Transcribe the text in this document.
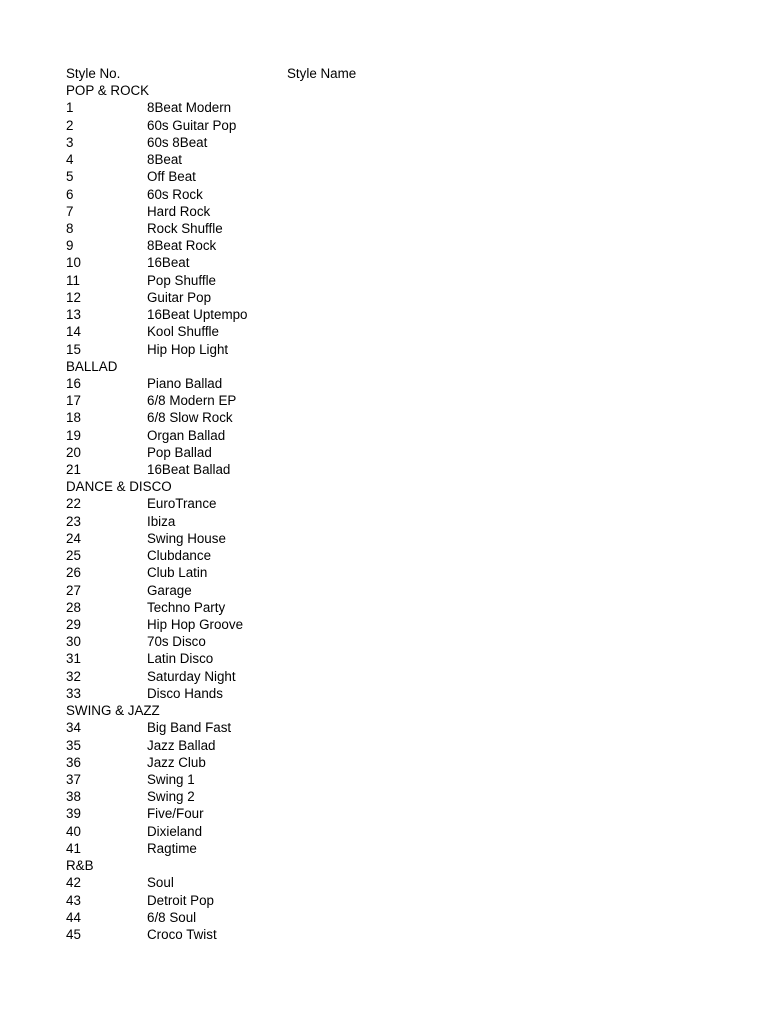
Style No.	Style Name
POP & ROCK
1	8Beat Modern
2	60s Guitar Pop
3	60s 8Beat
4	8Beat
5	Off Beat
6	60s Rock
7	Hard Rock
8	Rock Shuffle
9	8Beat Rock
10	16Beat
11	Pop Shuffle
12	Guitar Pop
13	16Beat Uptempo
14	Kool Shuffle
15	Hip Hop Light
BALLAD
16	Piano Ballad
17	6/8 Modern EP
18	6/8 Slow Rock
19	Organ Ballad
20	Pop Ballad
21	16Beat Ballad
DANCE & DISCO
22	EuroTrance
23	Ibiza
24	Swing House
25	Clubdance
26	Club Latin
27	Garage
28	Techno Party
29	Hip Hop Groove
30	70s Disco
31	Latin Disco
32	Saturday Night
33	Disco Hands
SWING & JAZZ
34	Big Band Fast
35	Jazz Ballad
36	Jazz Club
37	Swing 1
38	Swing 2
39	Five/Four
40	Dixieland
41	Ragtime
R&B
42	Soul
43	Detroit Pop
44	6/8 Soul
45	Croco Twist
